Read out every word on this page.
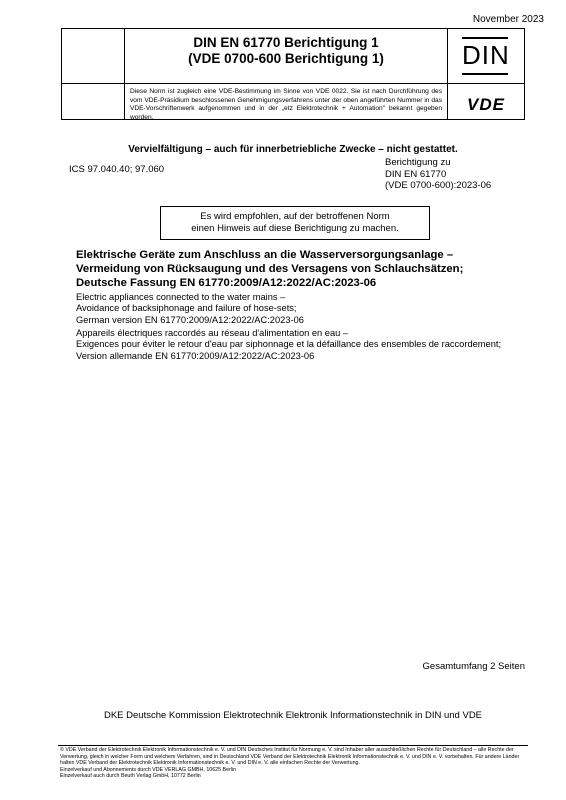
November 2023
DIN EN 61770 Berichtigung 1
(VDE 0700-600 Berichtigung 1)
Diese Norm ist zugleich eine VDE-Bestimmung im Sinne von VDE 0022. Sie ist nach Durchführung des vom VDE-Präsidium beschlossenen Genehmigungsverfahrens unter der oben angeführten Nummer in das VDE-Vorschriftenwerk aufgenommen und in der „etz Elektrotechnik + Automation" bekannt gegeben worden.
DIN
VDE
Vervielfältigung – auch für innerbetriebliche Zwecke – nicht gestattet.
ICS 97.040.40; 97.060
Berichtigung zu
DIN EN 61770
(VDE 0700-600):2023-06
Es wird empfohlen, auf der betroffenen Norm
einen Hinweis auf diese Berichtigung zu machen.
Elektrische Geräte zum Anschluss an die Wasserversorgungsanlage –
Vermeidung von Rücksaugung und des Versagens von Schlauchsätzen;
Deutsche Fassung EN 61770:2009/A12:2022/AC:2023-06
Electric appliances connected to the water mains –
Avoidance of backsiphonage and failure of hose-sets;
German version EN 61770:2009/A12:2022/AC:2023-06
Appareils électriques raccordés au réseau d'alimentation en eau –
Exigences pour éviter le retour d'eau par siphonnage et la défaillance des ensembles de raccordement;
Version allemande EN 61770:2009/A12:2022/AC:2023-06
Gesamtumfang 2 Seiten
DKE Deutsche Kommission Elektrotechnik Elektronik Informationstechnik in DIN und VDE

© VDE Verband der Elektrotechnik Elektronik Informationstechnik e. V. und DIN Deutsches Institut für Normung e. V. sind Inhaber aller ausschließlichen Rechte für Deutschland – alle Rechte der Verwertung, gleich in welcher Form und welchem Verfahren, sind in Deutschland VDE Verband der Elektrotechnik Elektronik Informationstechnik e. V. und DIN e. V. vorbehalten. Für andere Länder halten VDE Verband der Elektrotechnik Elektronik Informationstechnik e. V. und DIN e. V. alle einfachen Rechte der Verwertung.

Einzelverkauf und Abonnements durch VDE VERLAG GMBH, 10625 Berlin

Einzelverkauf auch durch Beuth Verlag GmbH, 10772 Berlin
